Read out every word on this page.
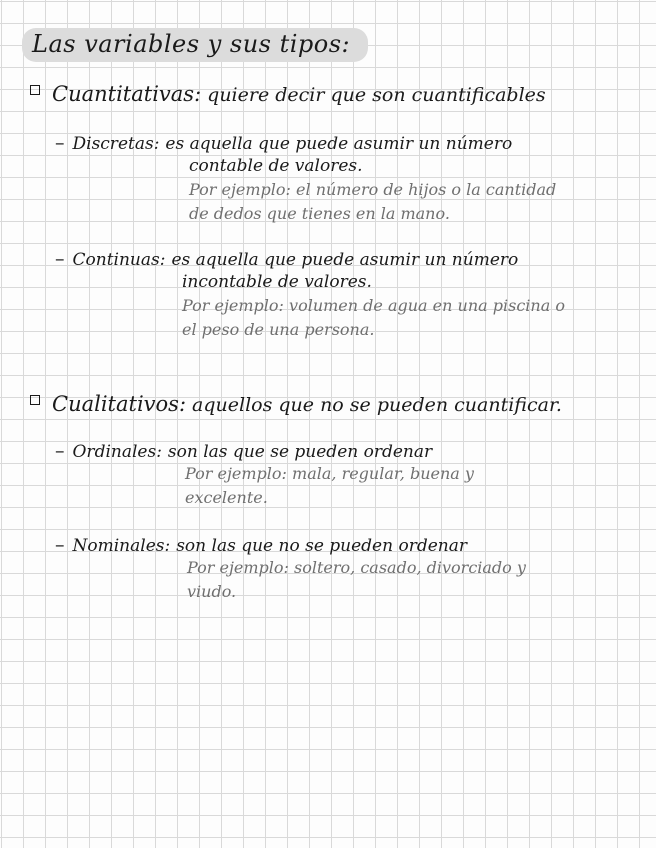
Las variables y sus tipos:
Cuantitativas: quiere decir que son cuantificables
– Discretas: es aquella que puede asumir un número
contable de valores.
Por ejemplo: el número de hijos o la cantidad
de dedos que tienes en la mano.
– Continuas: es aquella que puede asumir un número
incontable de valores.
Por ejemplo: volumen de agua en una piscina o
el peso de una persona.
Cualitativos: aquellos que no se pueden cuantificar.
– Ordinales: son las que se pueden ordenar
Por ejemplo: mala, regular, buena y
excelente.
– Nominales: son las que no se pueden ordenar
Por ejemplo: soltero, casado, divorciado y
viudo.
